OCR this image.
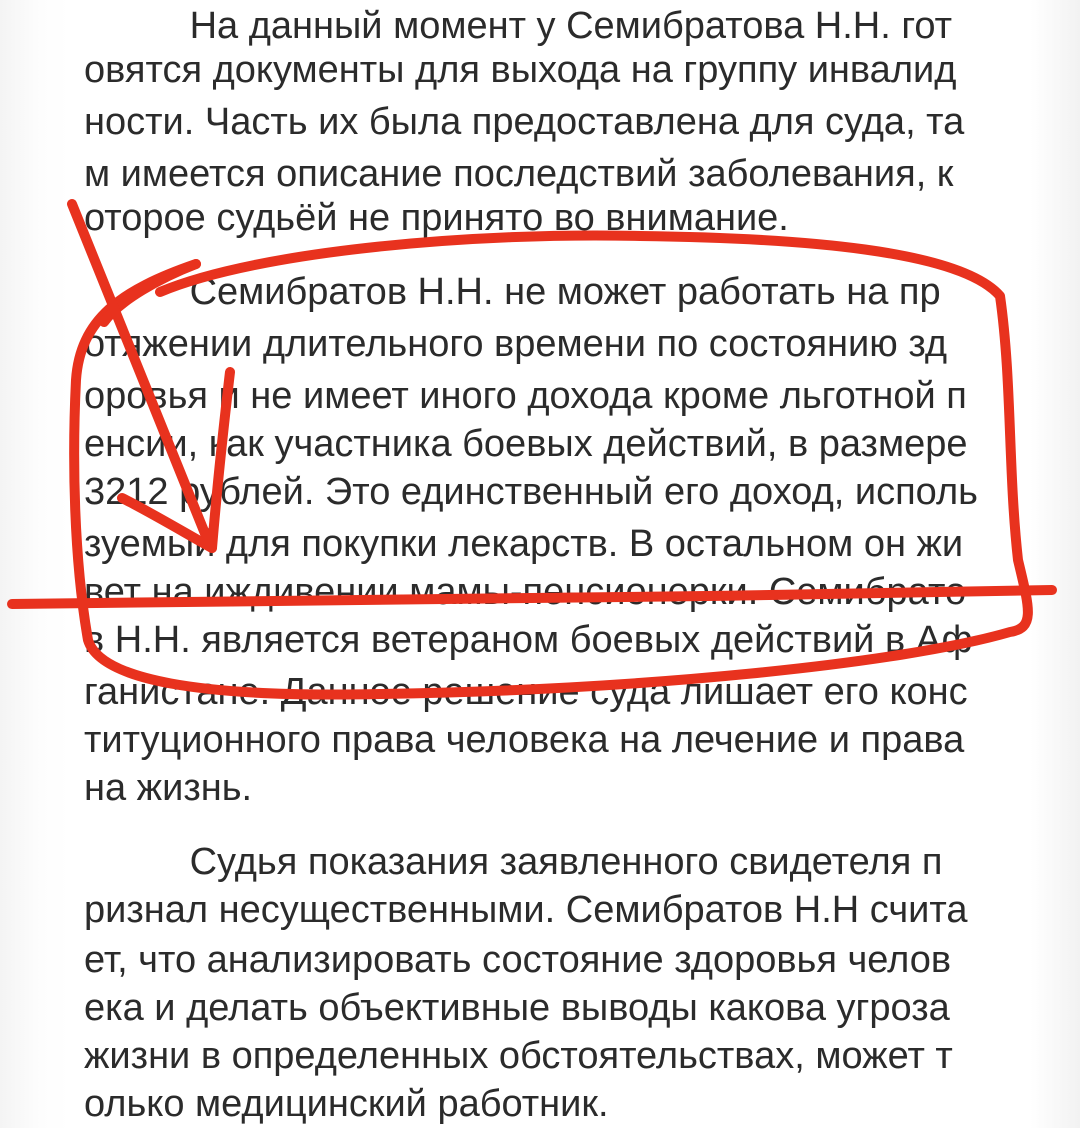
На данный момент у Семибратова Н.Н. гот
овятся документы для выхода на группу инвалид
ности. Часть их была предоставлена для суда, та
м имеется описание последствий заболевания, к
оторое судьёй не принято во внимание.
Семибратов Н.Н. не может работать на пр
отяжении длительного времени по состоянию зд
оровья и не имеет иного дохода кроме льготной п
енсии, как участника боевых действий, в размере
3212 рублей. Это единственный его доход, исполь
зуемый для покупки лекарств. В остальном он жи
вет на иждивении мамы-пенсионерки. Семибрато
в Н.Н. является ветераном боевых действий в Аф
ганистане. Данное решение суда лишает его конс
титуционного права человека на лечение и права
на жизнь.
Судья показания заявленного свидетеля п
ризнал несущественными. Семибратов Н.Н счита
ет, что анализировать состояние здоровья челов
ека и делать объективные выводы какова угроза
жизни в определенных обстоятельствах, может т
олько медицинский работник.
